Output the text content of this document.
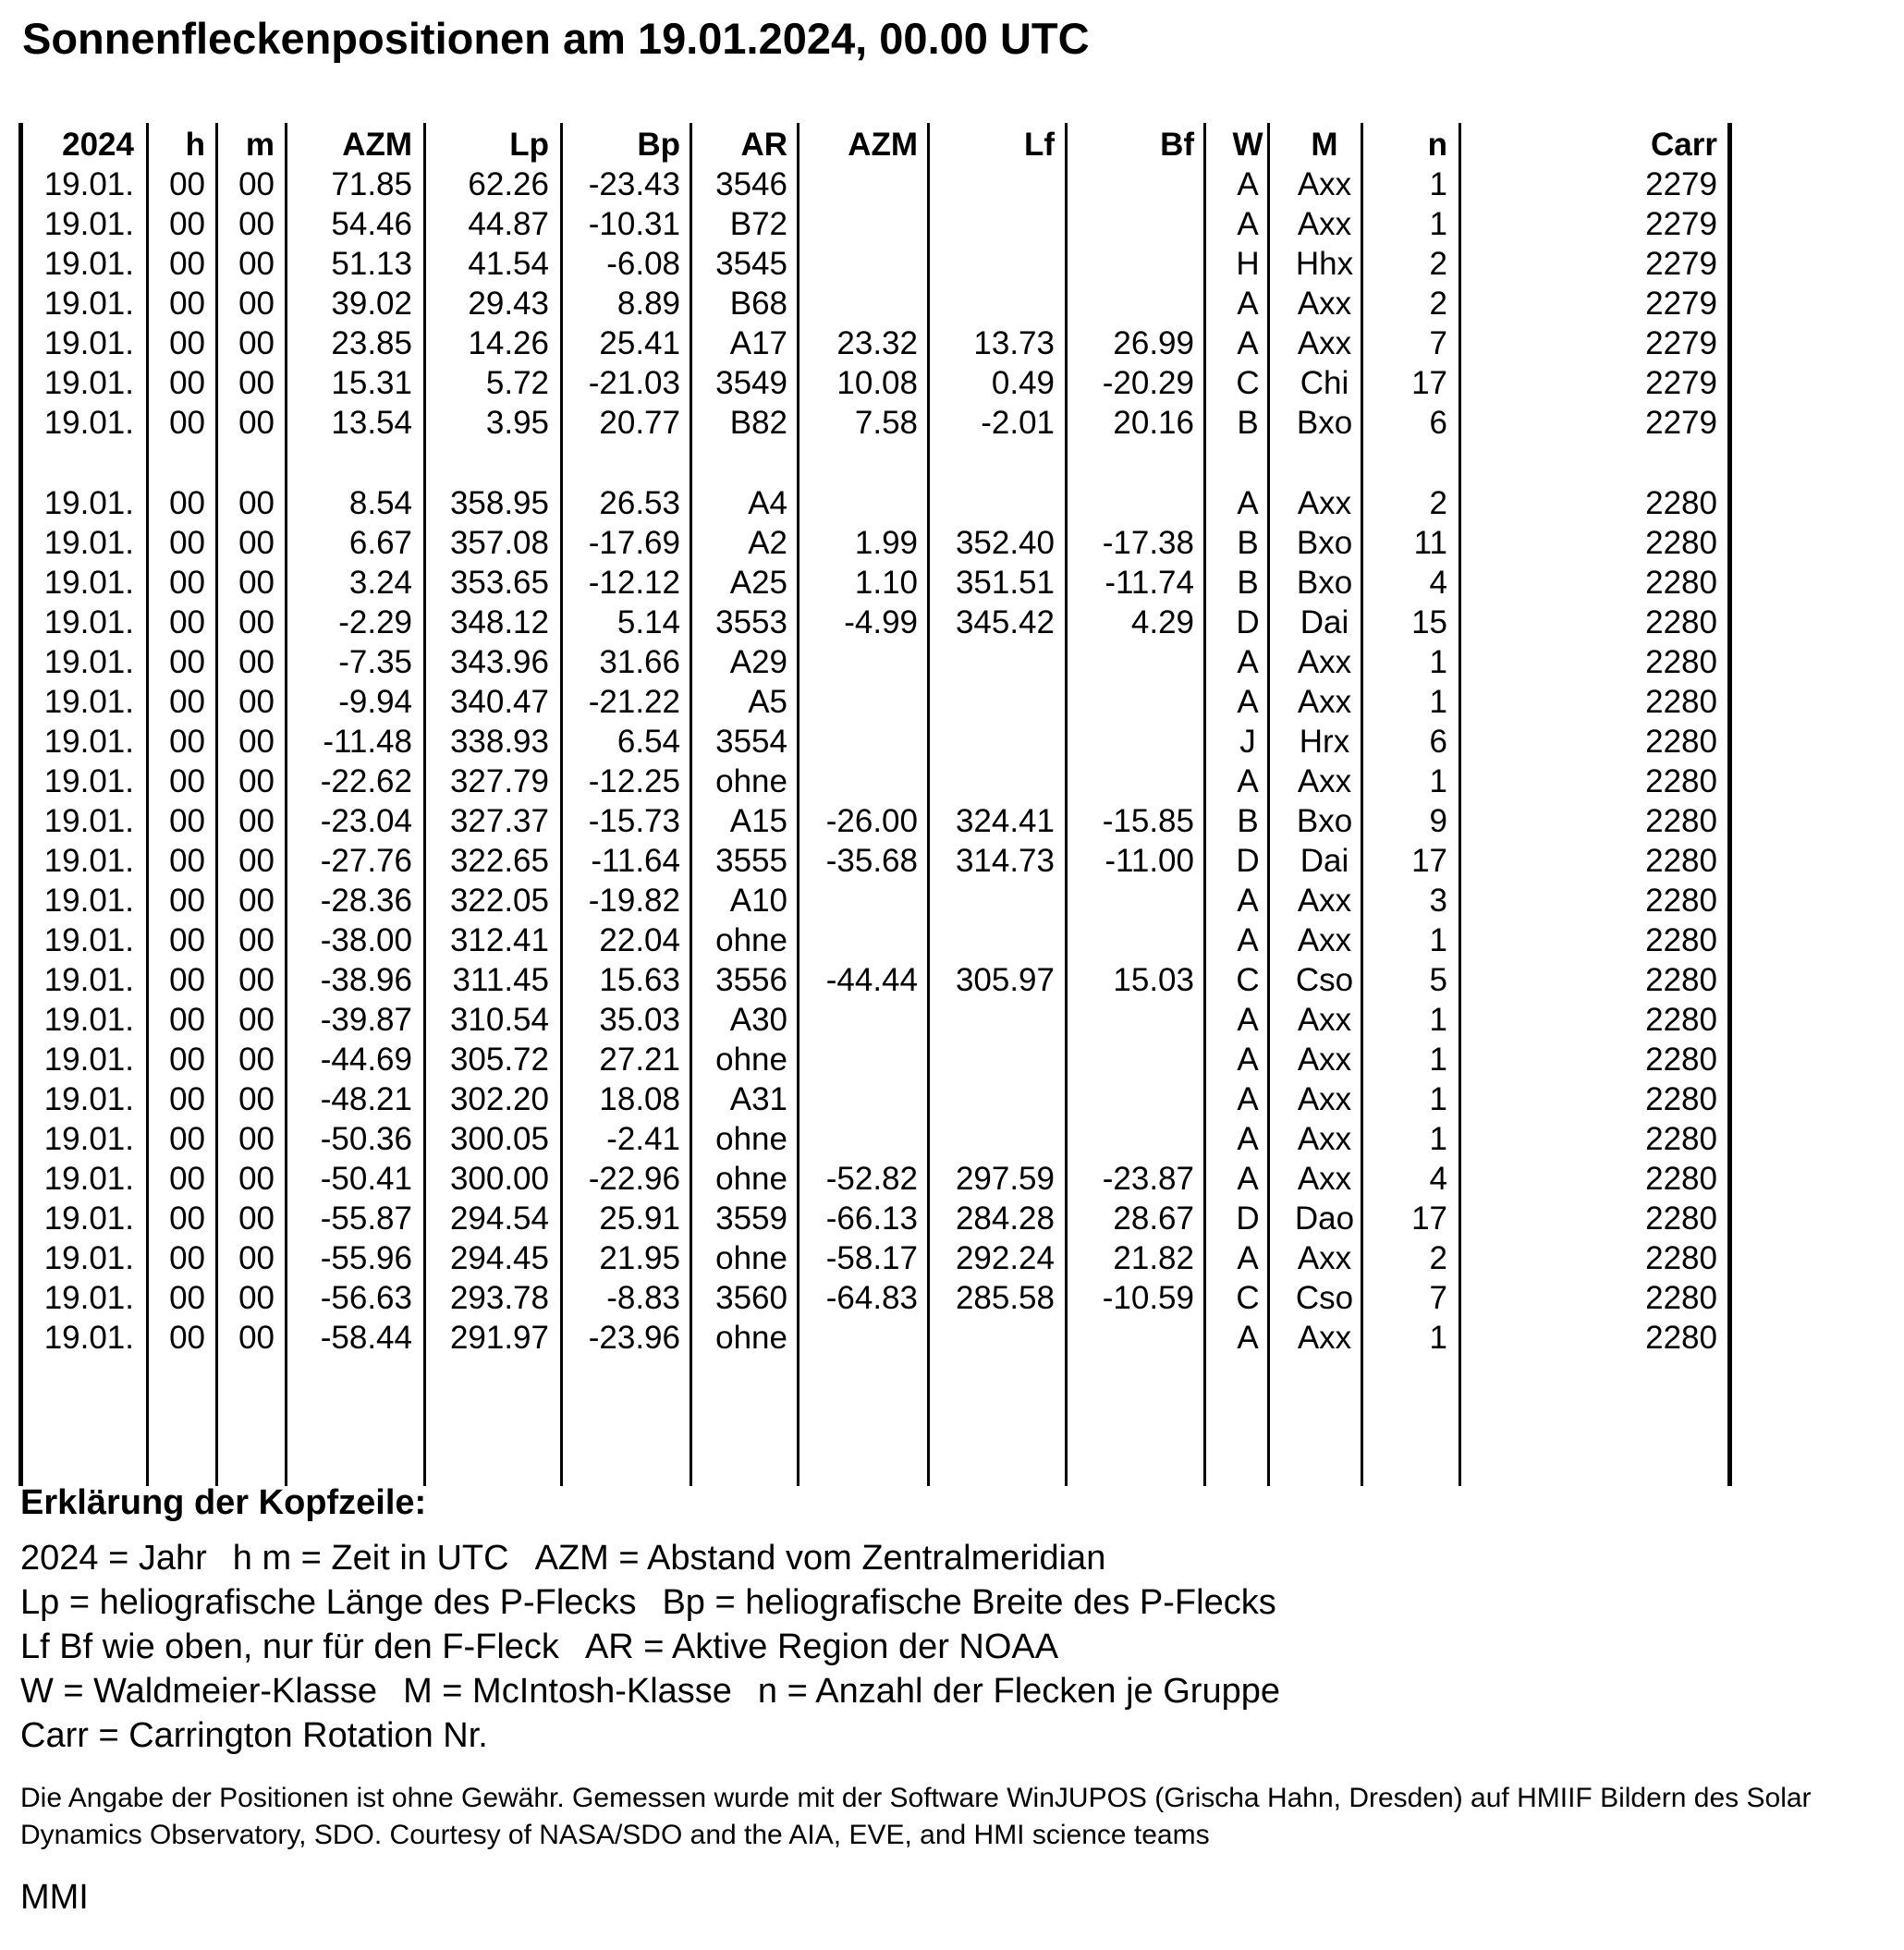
Sonnenfleckenpositionen am 19.01.2024, 00.00 UTC
2024 h m AZM	Lp	Bp AR AZM	Lf	Bf	W	M	n	Carr
19.01. 00 00 71.85 62.26 -23.43 3546	A	Axx	1	2279
19.01. 00 00 54.46 44.87 -10.31 B72	A	Axx	1	2279
19.01. 00 00 51.13 41.54 -6.08 3545	H	Hhx	2	2279
19.01. 00 00 39.02 29.43 8.89 B68	A	Axx	2	2279
19.01. 00 00 23.85 14.26 25.41 A17 23.32 13.73 26.99	A	Axx	7	2279
19.01. 00 00 15.31 5.72 -21.03 3549 10.08 0.49 -20.29	C	Chi	17	2279
19.01. 00 00 13.54 3.95 20.77 B82 7.58 -2.01 20.16	B	Bxo	6	2279
19.01. 00 00 8.54 358.95 26.53 A4	A	Axx	2	2280
19.01. 00 00 6.67 357.08 -17.69 A2 1.99 352.40 -17.38	B	Bxo	11	2280
19.01. 00 00 3.24 353.65 -12.12 A25 1.10 351.51 -11.74	B	Bxo	4	2280
19.01. 00 00 -2.29 348.12 5.14 3553 -4.99 345.42 4.29	D	Dai	15	2280
19.01. 00 00 -7.35 343.96 31.66 A29	A	Axx	1	2280
19.01. 00 00 -9.94 340.47 -21.22 A5	A	Axx	1	2280
19.01. 00 00 -11.48 338.93 6.54 3554	J	Hrx	6	2280
19.01. 00 00 -22.62 327.79 -12.25 ohne	A	Axx	1	2280
19.01. 00 00 -23.04 327.37 -15.73 A15 -26.00 324.41 -15.85	B	Bxo	9	2280
19.01. 00 00 -27.76 322.65 -11.64 3555 -35.68 314.73 -11.00	D	Dai	17	2280
19.01. 00 00 -28.36 322.05 -19.82 A10	A	Axx	3	2280
19.01. 00 00 -38.00 312.41 22.04 ohne	A	Axx	1	2280
19.01. 00 00 -38.96 311.45 15.63 3556 -44.44 305.97 15.03	C	Cso	5	2280
19.01. 00 00 -39.87 310.54 35.03 A30	A	Axx	1	2280
19.01. 00 00 -44.69 305.72 27.21 ohne	A	Axx	1	2280
19.01. 00 00 -48.21 302.20 18.08 A31	A	Axx	1	2280
19.01. 00 00 -50.36 300.05 -2.41 ohne	A	Axx	1	2280
19.01. 00 00 -50.41 300.00 -22.96 ohne -52.82 297.59 -23.87	A	Axx	4	2280
19.01. 00 00 -55.87 294.54 25.91 3559 -66.13 284.28 28.67	D	Dao	17	2280
19.01. 00 00 -55.96 294.45 21.95 ohne -58.17 292.24 21.82	A	Axx	2	2280
19.01. 00 00 -56.63 293.78 -8.83 3560 -64.83 285.58 -10.59	C	Cso	7	2280
19.01. 00 00 -58.44 291.97 -23.96 ohne	A	Axx	1	2280
Erklärung der Kopfzeile:
2024 = Jahr h m = Zeit in UTC AZM = Abstand vom Zentralmeridian
Lp = heliografische Länge des P-Flecks Bp = heliografische Breite des P-Flecks
Lf Bf wie oben, nur für den F-Fleck AR = Aktive Region der NOAA
W = Waldmeier-Klasse M = McIntosh-Klasse n = Anzahl der Flecken je Gruppe
Carr = Carrington Rotation Nr.
Die Angabe der Positionen ist ohne Gewähr. Gemessen wurde mit der Software WinJUPOS (Grischa Hahn, Dresden) auf HMIIF Bildern des Solar Dynamics Observatory, SDO. Courtesy of NASA/SDO and the AIA, EVE, and HMI science teams
MMI
